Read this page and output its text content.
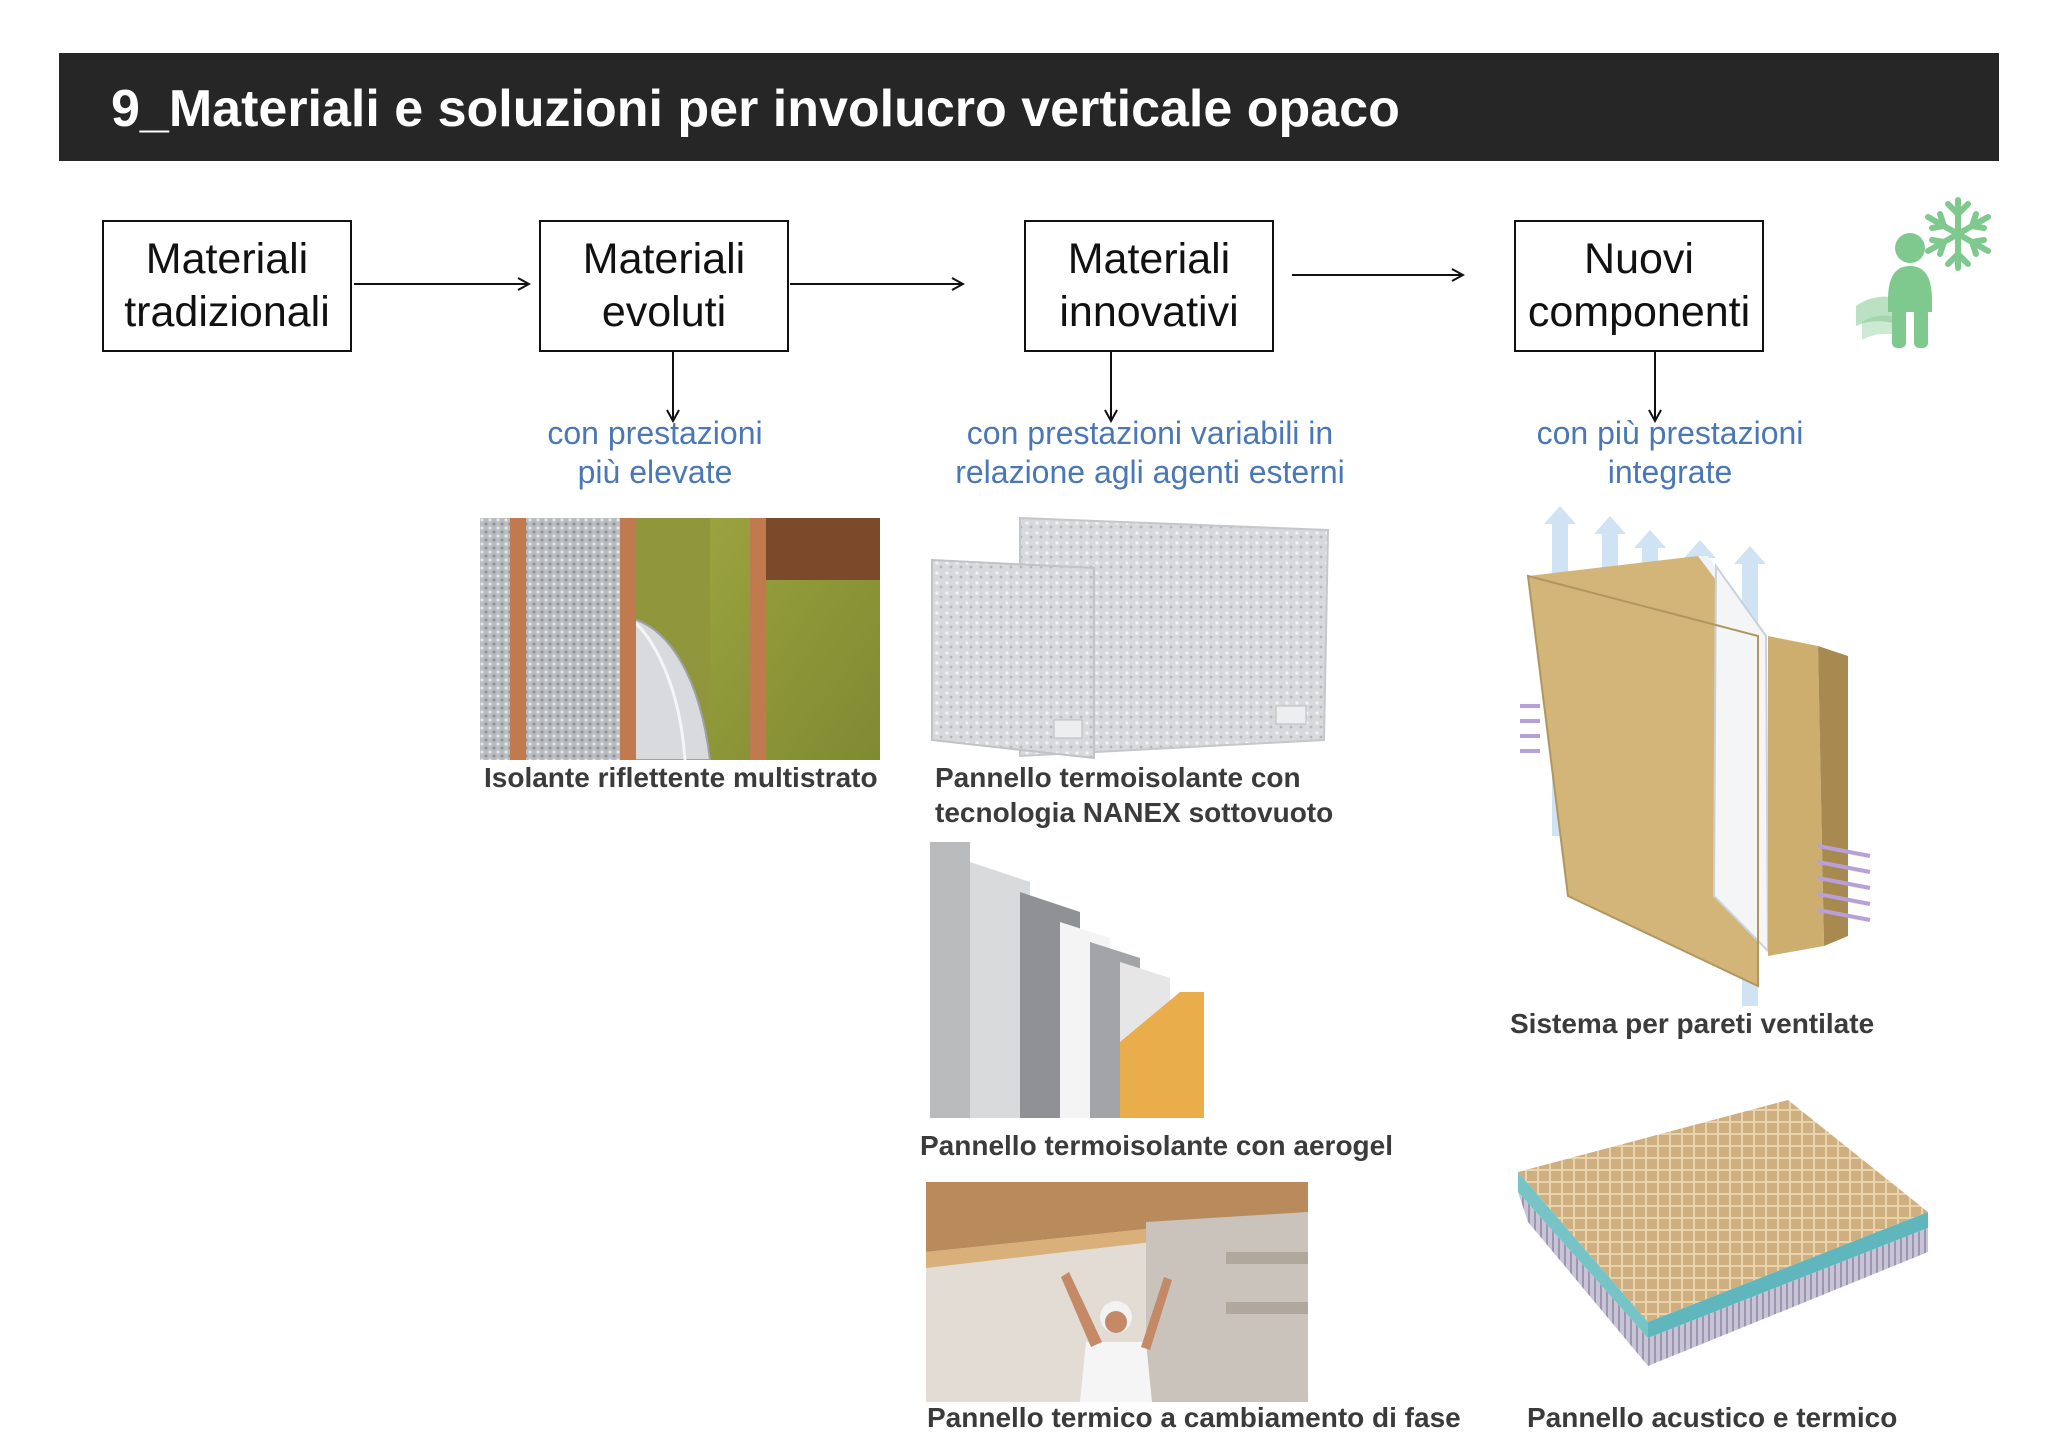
9_Materiali e soluzioni per involucro verticale opaco
Materiali
tradizionali
Materiali
evoluti
Materiali
innovativi
Nuovi
componenti
con prestazioni
più elevate
con prestazioni variabili in
relazione agli agenti esterni
con più prestazioni
integrate
Isolante riflettente multistrato Pannello termoisolante con
tecnologia NANEX sottovuoto
Pannello termoisolante con aerogel
Pannello termico a cambiamento di fase
Sistema per pareti ventilate
Pannello acustico e termico
